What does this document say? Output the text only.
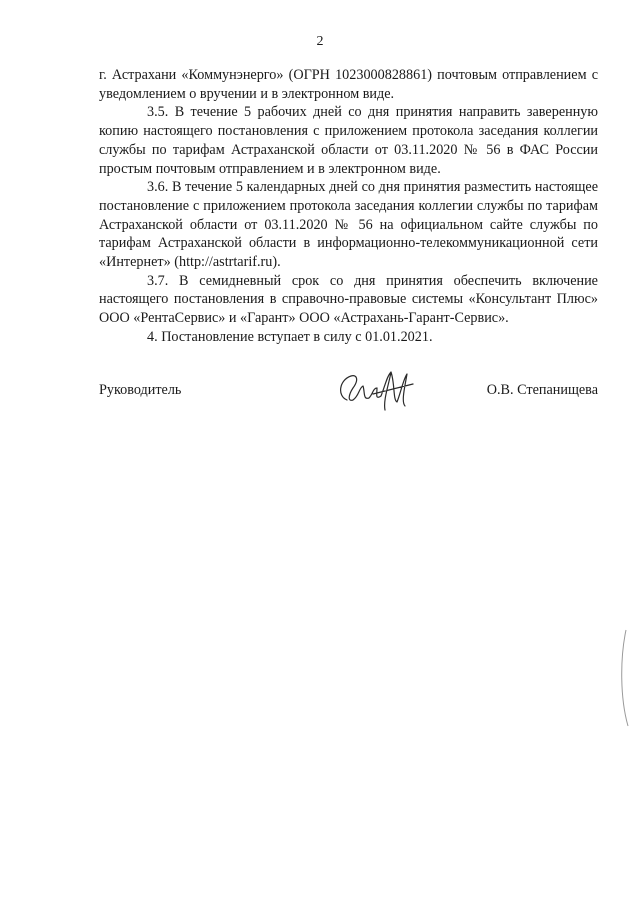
2

г. Астрахани «Коммунэнерго» (ОГРН 1023000828861) почтовым отправлением с уведомлением о вручении и в электронном виде.

3.5. В течение 5 рабочих дней со дня принятия направить заверенную копию настоящего постановления с приложением протокола заседания коллегии службы по тарифам Астраханской области от 03.11.2020 № 56 в ФАС России простым почтовым отправлением и в электронном виде.

3.6. В течение 5 календарных дней со дня принятия разместить настоящее постановление с приложением протокола заседания коллегии службы по тарифам Астраханской области от 03.11.2020 № 56 на официальном сайте службы по тарифам Астраханской области в информационно-телекоммуникационной сети «Интернет» (http://astrtarif.ru).

3.7. В семидневный срок со дня принятия обеспечить включение настоящего постановления в справочно-правовые системы «Консультант Плюс» ООО «РентаСервис» и «Гарант» ООО «Астрахань-Гарант-Сервис».

4. Постановление вступает в силу с 01.01.2021.

Руководитель	О.В. Степанищева
